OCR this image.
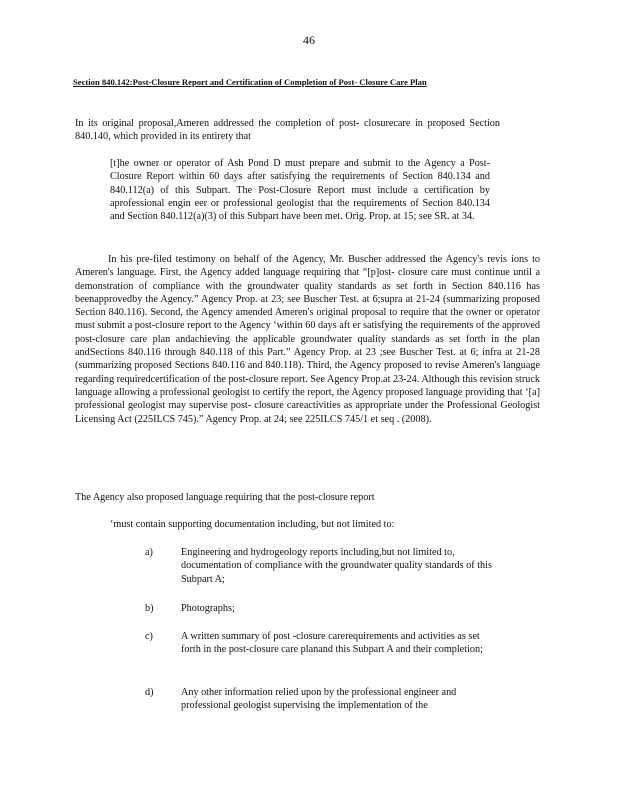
46
Section 840.142:Post-Closure Report and Certification of Completion of Post- Closure Care Plan
In its original proposal,Ameren addressed the completion of post- closurecare in proposed Section 840.140, which provided in its entirety that
[t]he owner or operator of Ash Pond D must prepare and submit to the Agency a Post-Closure Report within 60 days after satisfying the requirements of Section 840.134 and 840.112(a) of this Subpart. The Post-Closure Report must include a certification by aprofessional engin eer or professional geologist that the requirements of Section 840.134 and Section 840.112(a)(3) of this Subpart have been met. Orig. Prop. at 15; see SR. at 34.
In his pre-filed testimony on behalf of the Agency, Mr. Buscher addressed the Agency's revis ions to Ameren's language. First, the Agency added language requiring that “[p]ost- closure care must continue until a demonstration of compliance with the groundwater quality standards as set forth in Section 840.116 has beenapprovedby the Agency.” Agency Prop. at 23; see Buscher Test. at 6;supra at 21-24 (summarizing proposed Section 840.116). Second, the Agency amended Ameren's original proposal to require that the owner or operator must submit a post-closure report to the Agency ‘within 60 days aft er satisfying the requirements of the approved post-closure care plan andachieving the applicable groundwater quality standards as set forth in the plan andSections 840.116 through 840.118 of this Part.” Agency Prop. at 23 ;see Buscher Test. at 6; infra at 21-28 (summarizing proposed Sections 840.116 and 840.118). Third, the Agency proposed to revise Ameren's language regarding requiredcertification of the post-closure report. See Agency Prop.at 23-24. Although this revision struck language allowing a professional geologist to certify the report, the Agency proposed language providing that ‘[a] professional geologist may supervise post- closure careactivities as appropriate under the Professional Geologist Licensing Act (225ILCS 745).” Agency Prop. at 24; see 225ILCS 745/1 et seq . (2008).
The Agency also proposed language requiring that the post-closure report
‘must contain supporting documentation including, but not limited to:
a)	Engineering and hydrogeology reports including,but not limited to, documentation of compliance with the groundwater quality standards of this Subpart A;
b)	Photographs;
c)	A written summary of post -closure carerequirements and activities as set forth in the post-closure care planand this Subpart A and their completion;
d)	Any other information relied upon by the professional engineer and professional geologist supervising the implementation of the
